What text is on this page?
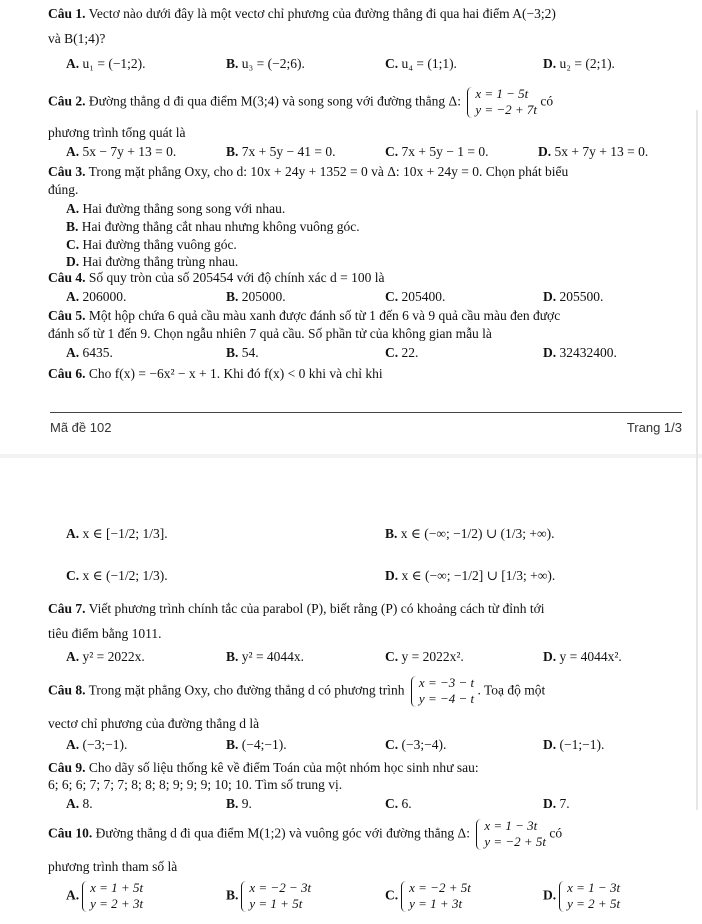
Câu 1. Vectơ nào dưới đây là một vectơ chỉ phương của đường thẳng đi qua hai điểm A(−3;2)
và B(1;4)?
A. u₁ = (−1;2).	B. u₃ = (−2;6).	C. u₄ = (1;1).	D. u₂ = (2;1).
Câu 2. Đường thẳng d đi qua điểm M(3;4) và song song với đường thẳng Δ: x = 1 − 5t
y = −2 + 7t
có
phương trình tổng quát là
A. 5x − 7y + 13 = 0.	B. 7x + 5y − 41 = 0.	C. 7x + 5y − 1 = 0.	D. 5x + 7y + 13 = 0.
Câu 3. Trong mặt phẳng Oxy, cho d: 10x + 24y + 1352 = 0 và Δ: 10x + 24y = 0. Chọn phát biểu
đúng.
A. Hai đường thẳng song song với nhau.
B. Hai đường thẳng cắt nhau nhưng không vuông góc.
C. Hai đường thẳng vuông góc.
D. Hai đường thẳng trùng nhau.
Câu 4. Số quy tròn của số 205454 với độ chính xác d = 100 là
A. 206000.	B. 205000.	C. 205400.	D. 205500.
Câu 5. Một hộp chứa 6 quả cầu màu xanh được đánh số từ 1 đến 6 và 9 quả cầu màu đen được
đánh số từ 1 đến 9. Chọn ngẫu nhiên 7 quả cầu. Số phần tử của không gian mẫu là
A. 6435.	B. 54.	C. 22.	D. 32432400.
Câu 6. Cho f(x) = −6x² − x + 1. Khi đó f(x) < 0 khi và chỉ khi
Mã đề 102	Trang 1/3
A. x ∈ [−1/2; 1/3].	B. x ∈ (−∞; −1/2) ∪ (1/3; +∞).
C. x ∈ (−1/2; 1/3).	D. x ∈ (−∞; −1/2] ∪ [1/3; +∞).
Câu 7. Viết phương trình chính tắc của parabol (P), biết rằng (P) có khoảng cách từ đỉnh tới
tiêu điểm bằng 1011.
A. y² = 2022x.	B. y² = 4044x.	C. y = 2022x².	D. y = 4044x².
Câu 8. Trong mặt phẳng Oxy, cho đường thẳng d có phương trình x = −3 − t
y = −4 − t
. Toạ độ một
vectơ chỉ phương của đường thẳng d là
A. (−3;−1).	B. (−4;−1).	C. (−3;−4).	D. (−1;−1).
Câu 9. Cho dãy số liệu thống kê về điểm Toán của một nhóm học sinh như sau:
6; 6; 6; 7; 7; 7; 8; 8; 8; 9; 9; 9; 10; 10. Tìm số trung vị.
A. 8.	B. 9.	C. 6.	D. 7.
Câu 10. Đường thẳng d đi qua điểm M(1;2) và vuông góc với đường thẳng Δ: x = 1 − 3t
y = −2 + 5t
có
phương trình tham số là
A. x = 1 + 5t
y = 2 + 3t
B. x = −2 − 3t
y = 1 + 5t
C. x = −2 + 5t
y = 1 + 3t
D. x = 1 − 3t
y = 2 + 5t
